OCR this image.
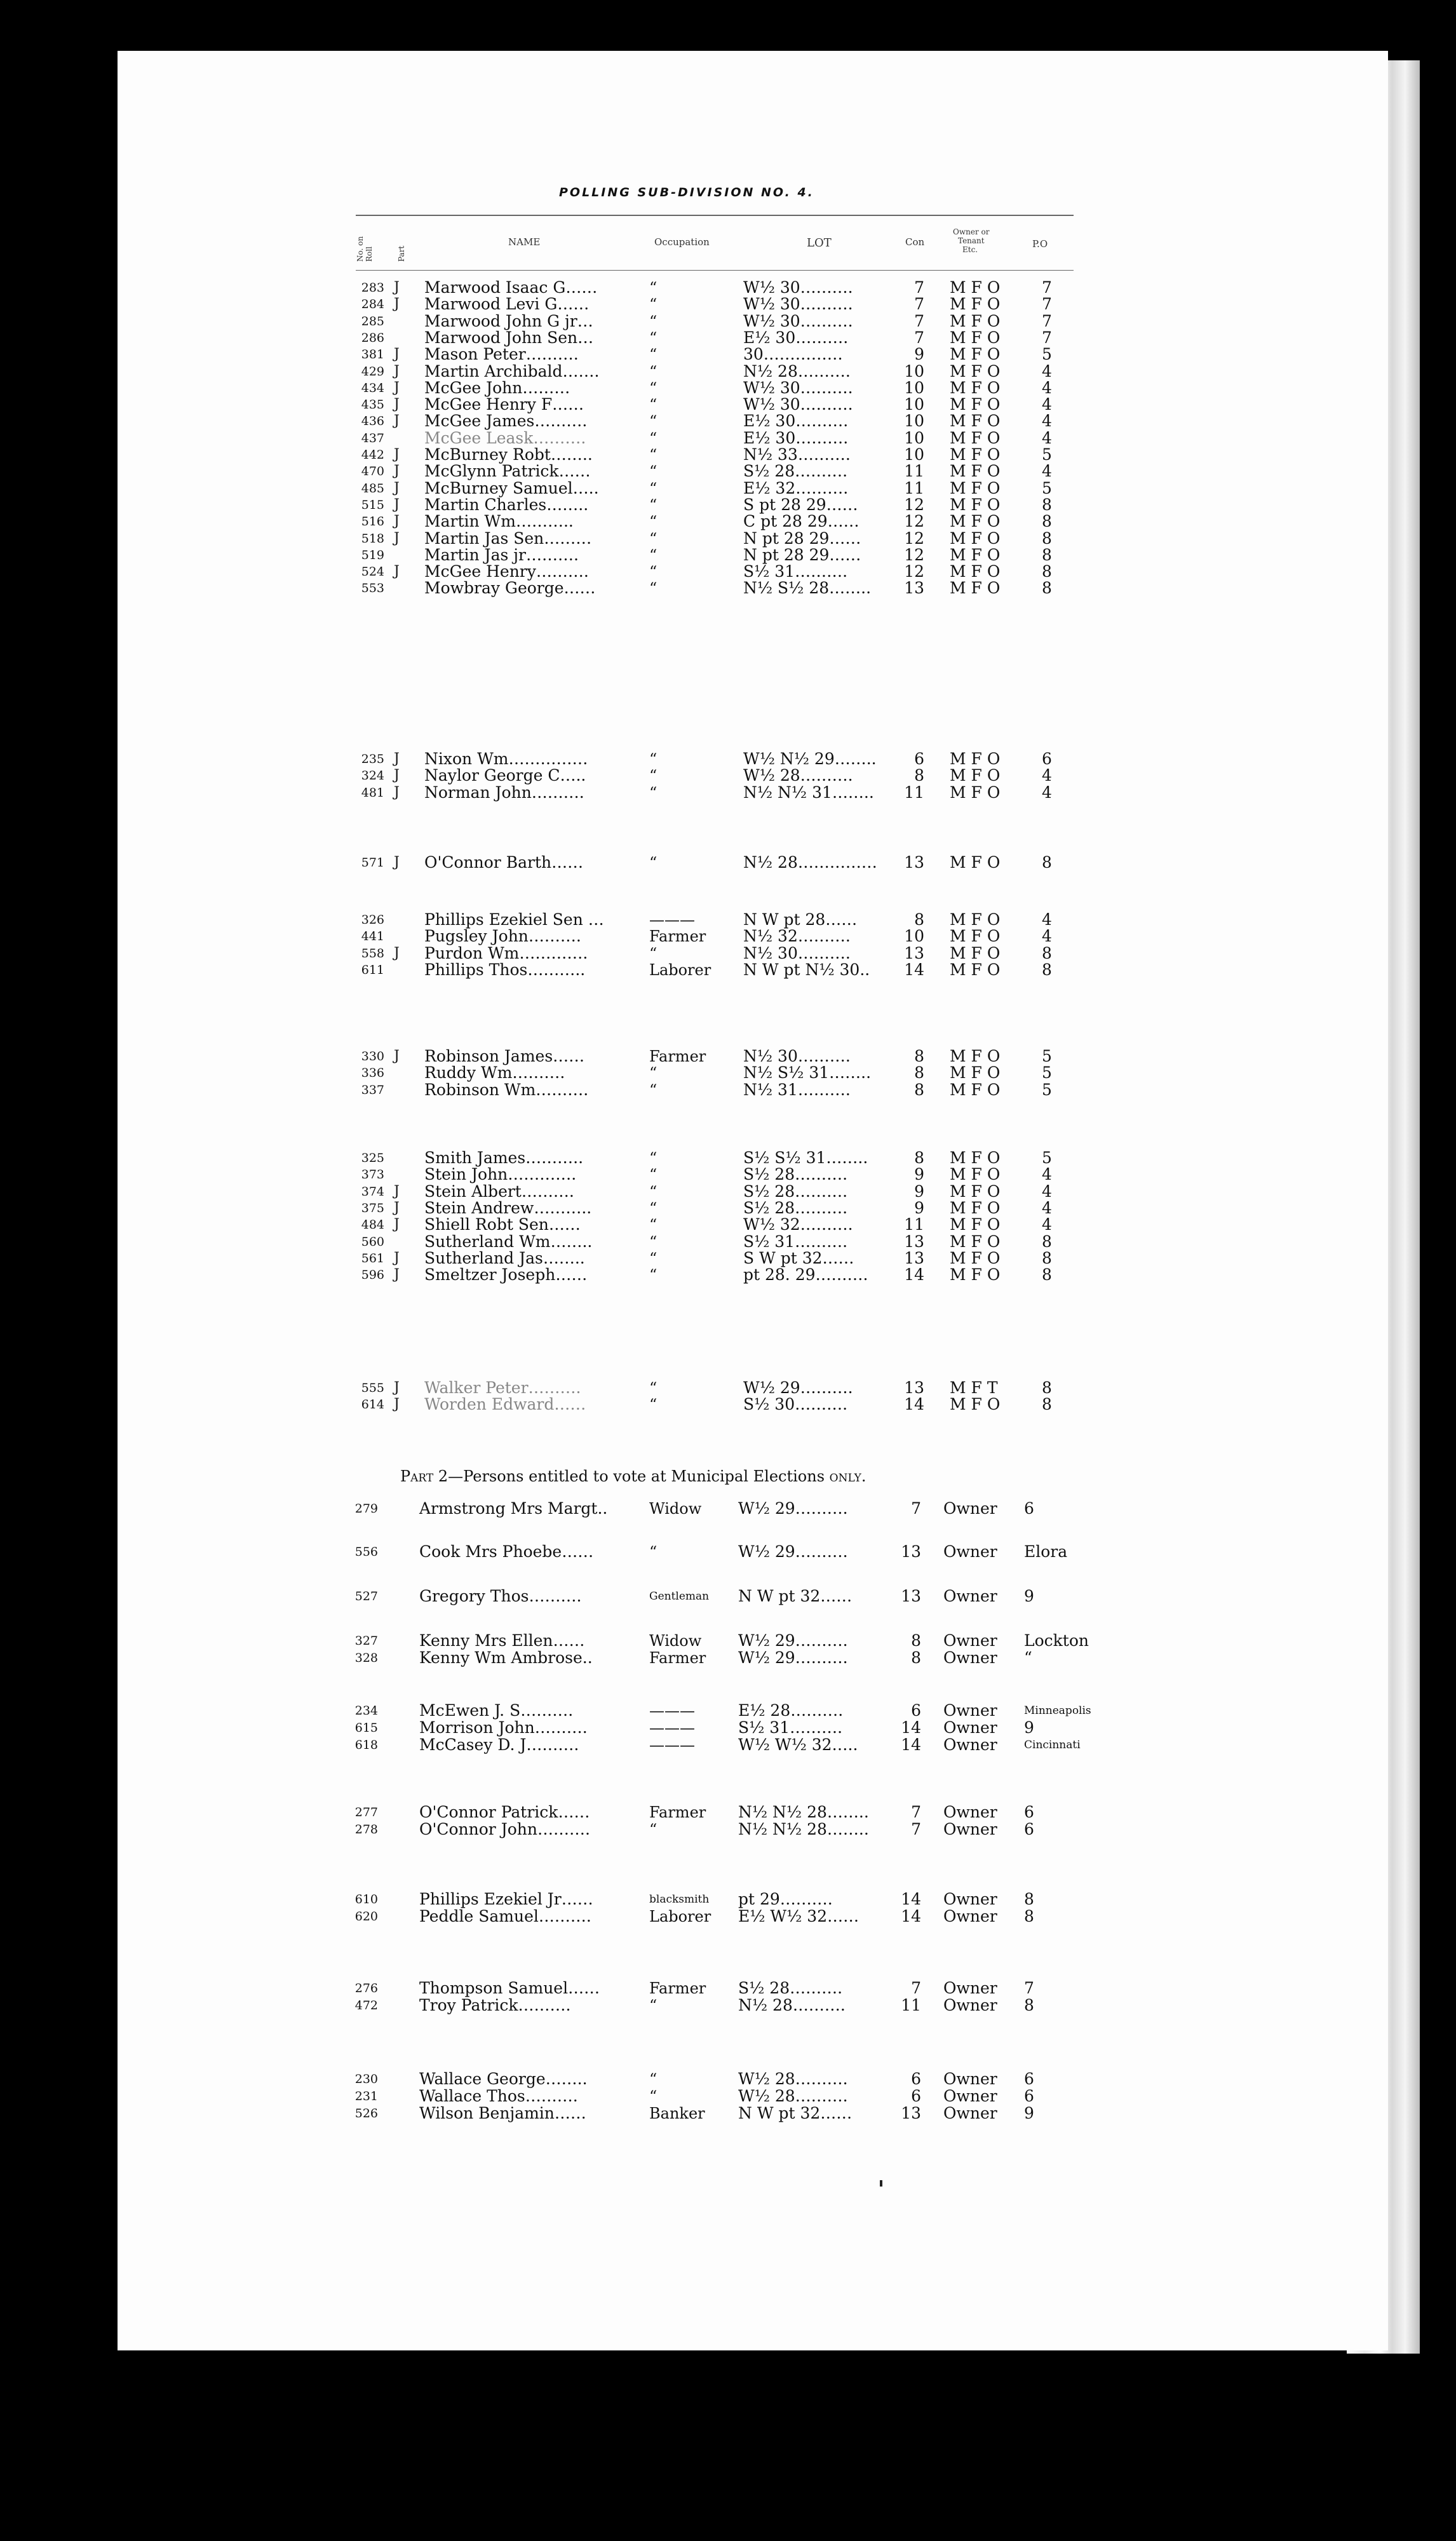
POLLING SUB-DIVISION NO. 4.
No. on Roll	Part
NAME	Occupation	LOT	Con
Owner or
Tenant
Etc.	P.O
283 J Marwood Isaac G……	“	W½ 30……….	7 M F O	7
284 J Marwood Levi G……	“	W½ 30……….	7 M F O	7
285	Marwood John G jr…	“	W½ 30……….	7 M F O	7
286	Marwood John Sen…	“	E½ 30……….	7 M F O	7
381 J Mason Peter……….	“	30……………	9 M F O	5
429 J Martin Archibald…….	“	N½ 28……….	10 M F O	4
434 J McGee John………	“	W½ 30……….	10 M F O	4
435 J McGee Henry F……	“	W½ 30……….	10 M F O	4
436 J McGee James……….	“	E½ 30……….	10 M F O	4
437	McGee Leask……….	“	E½ 30……….	10 M F O	4
442 J McBurney Robt……..	“	N½ 33……….	10 M F O	5
470 J McGlynn Patrick……	“	S½ 28……….	11 M F O	4
485 J McBurney Samuel…..	“	E½ 32……….	11 M F O	5
515 J Martin Charles……..	“	S pt 28 29……	12 M F O	8
516 J Martin Wm………..	“	C pt 28 29……	12 M F O	8
518 J Martin Jas Sen………	“	N pt 28 29……	12 M F O	8
519	Martin Jas jr……….	“	N pt 28 29……	12 M F O	8
524 J McGee Henry……….	“	S½ 31……….	12 M F O	8
553	Mowbray George……	“	N½ S½ 28……..	13 M F O	8
235 J Nixon Wm……………	“	W½ N½ 29……..	6 M F O	6
324 J Naylor George C…..	“	W½ 28……….	8 M F O	4
481 J Norman John……….	“	N½ N½ 31……..	11 M F O	4
571 J O'Connor Barth……	“	N½ 28……………	13 M F O	8
326	Phillips Ezekiel Sen …	———	N W pt 28……	8 M F O	4
441	Pugsley John……….	Farmer N½ 32……….	10 M F O	4
558 J Purdon Wm………….	“	N½ 30……….	13 M F O	8
611	Phillips Thos………..	Laborer N W pt N½ 30..	14 M F O	8
330 J Robinson James……	Farmer N½ 30……….	8 M F O	5
336	Ruddy Wm……….	“	N½ S½ 31……..	8 M F O	5
337	Robinson Wm……….	“	N½ 31……….	8 M F O	5
325	Smith James………..	“	S½ S½ 31……..	8 M F O	5
373	Stein John………….	“	S½ 28……….	9 M F O	4
374 J Stein Albert……….	“	S½ 28……….	9 M F O	4
375 J Stein Andrew………..	“	S½ 28……….	9 M F O	4
484 J Shiell Robt Sen……	“	W½ 32……….	11 M F O	4
560	Sutherland Wm……..	“	S½ 31……….	13 M F O	8
561 J Sutherland Jas……..	“	S W pt 32……	13 M F O	8
596 J Smeltzer Joseph……	“	pt 28. 29……….	14 M F O	8
555 J Walker Peter……….	“	W½ 29……….	13 M F T	8
614 J Worden Edward……	“	S½ 30……….	14 M F O	8
Part 2—Persons entitled to vote at Municipal Elections only.
279	Armstrong Mrs Margt..	Widow W½ 29……….	7 Owner 6
556	Cook Mrs Phoebe……	“	W½ 29……….	13 Owner Elora
527	Gregory Thos……….	Gentleman N W pt 32……	13 Owner 9
327	Kenny Mrs Ellen……	Widow W½ 29……….	8 Owner Lockton
328	Kenny Wm Ambrose..	Farmer W½ 29……….	8 Owner “
234	McEwen J. S……….	———	E½ 28……….	6 Owner Minneapolis
615	Morrison John……….	———	S½ 31……….	14 Owner 9
618	McCasey D. J……….	———	W½ W½ 32…..	14 Owner Cincinnati
277	O'Connor Patrick……	Farmer N½ N½ 28……..	7 Owner 6
278	O'Connor John……….	“	N½ N½ 28……..	7 Owner 6
610	Phillips Ezekiel Jr……	blacksmith pt 29……….	14 Owner 8
620	Peddle Samuel……….	Laborer E½ W½ 32……	14 Owner 8
276	Thompson Samuel……	Farmer S½ 28……….	7 Owner 7
472	Troy Patrick……….	“	N½ 28……….	11 Owner 8
230	Wallace George……..	“	W½ 28……….	6 Owner 6
231	Wallace Thos……….	“	W½ 28……….	6 Owner 6
526	Wilson Benjamin……	Banker N W pt 32……	13 Owner 9
